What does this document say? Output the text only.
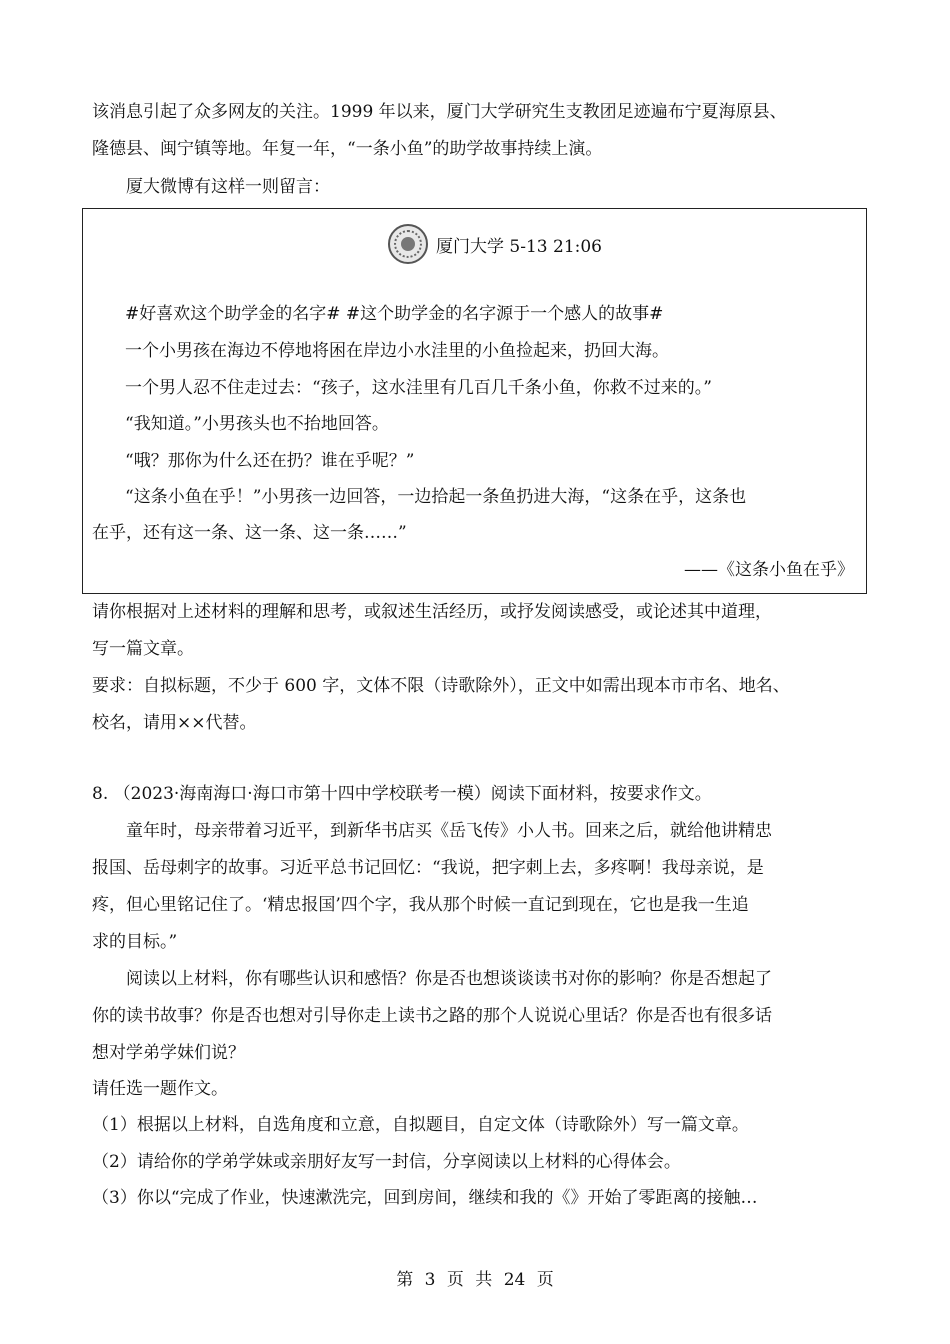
该消息引起了众多网友的关注。1999 年以来，厦门大学研究生支教团足迹遍布宁夏海原县、
隆德县、闽宁镇等地。年复一年，“一条小鱼”的助学故事持续上演。
厦大微博有这样一则留言：
厦门大学 5-13 21:06
#好喜欢这个助学金的名字# #这个助学金的名字源于一个感人的故事#
一个小男孩在海边不停地将困在岸边小水洼里的小鱼捡起来，扔回大海。
一个男人忍不住走过去：“孩子，这水洼里有几百几千条小鱼，你救不过来的。”
“我知道。”小男孩头也不抬地回答。
“哦？那你为什么还在扔？谁在乎呢？”
“这条小鱼在乎！”小男孩一边回答，一边拾起一条鱼扔进大海，“这条在乎，这条也
在乎，还有这一条、这一条、这一条……”
——《这条小鱼在乎》
请你根据对上述材料的理解和思考，或叙述生活经历，或抒发阅读感受，或论述其中道理，
写一篇文章。
要求：自拟标题，不少于 600 字，文体不限（诗歌除外），正文中如需出现本市市名、地名、
校名，请用××代替。
8. （2023·海南海口·海口市第十四中学校联考一模）阅读下面材料，按要求作文。
童年时，母亲带着习近平，到新华书店买《岳飞传》小人书。回来之后，就给他讲精忠
报国、岳母刺字的故事。习近平总书记回忆：“我说，把字刺上去，多疼啊！我母亲说，是
疼，但心里铭记住了。‘精忠报国’四个字，我从那个时候一直记到现在，它也是我一生追
求的目标。”
阅读以上材料，你有哪些认识和感悟？你是否也想谈谈读书对你的影响？你是否想起了
你的读书故事？你是否也想对引导你走上读书之路的那个人说说心里话？你是否也有很多话
想对学弟学妹们说？
请任选一题作文。
（1）根据以上材料，自选角度和立意，自拟题目，自定文体（诗歌除外）写一篇文章。
（2）请给你的学弟学妹或亲朋好友写一封信，分享阅读以上材料的心得体会。
（3）你以“完成了作业，快速漱洗完，回到房间，继续和我的《》开始了零距离的接触…
第 3 页 共 24 页
